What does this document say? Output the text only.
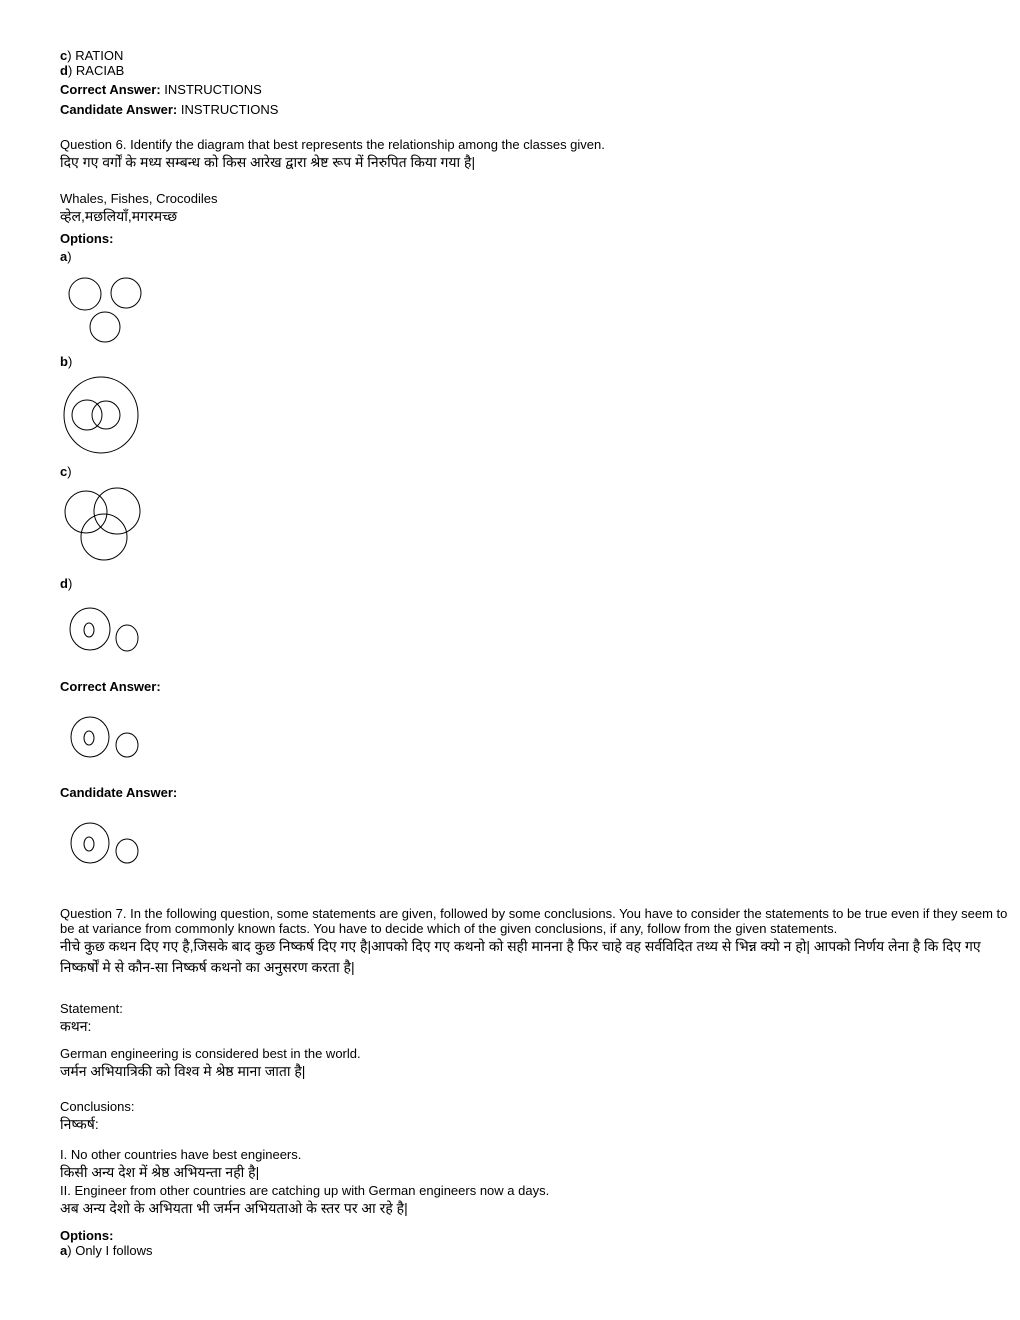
c) RATION
d) RACIAB
Correct Answer: INSTRUCTIONS
Candidate Answer: INSTRUCTIONS
Question 6. Identify the diagram that best represents the relationship among the classes given.
दिए गए वर्गों के मध्य सम्बन्ध को किस आरेख द्वारा श्रेष्ट रूप में निरुपित किया गया है|
Whales, Fishes, Crocodiles
व्हेल,मछलियाँ,मगरमच्छ
Options:
a)
b)
c)
d)
Correct Answer:
Candidate Answer:
Question 7. In the following question, some statements are given, followed by some conclusions. You have to consider the statements to be true even if they seem to
be at variance from commonly known facts. You have to decide which of the given conclusions, if any, follow from the given statements.
नीचे कुछ कथन दिए गए है,जिसके बाद कुछ निष्कर्ष दिए गए है|आपको दिए गए कथनो को सही मानना है फिर चाहे वह सर्वविदित तथ्य से भिन्न क्यो न हो| आपको निर्णय लेना है कि दिए गए
निष्कर्षों मे से कौन-सा निष्कर्ष कथनो का अनुसरण करता है|
Statement:
कथन:
German engineering is considered best in the world.
जर्मन अभियात्रिकी को विश्व मे श्रेष्ठ माना जाता है|
Conclusions:
निष्कर्ष:
I. No other countries have best engineers.
किसी अन्य देश में श्रेष्ठ अभियन्ता नही है|
II. Engineer from other countries are catching up with German engineers now a days.
अब अन्य देशो के अभियता भी जर्मन अभियताओ के स्तर पर आ रहे है|
Options:
a) Only I follows
